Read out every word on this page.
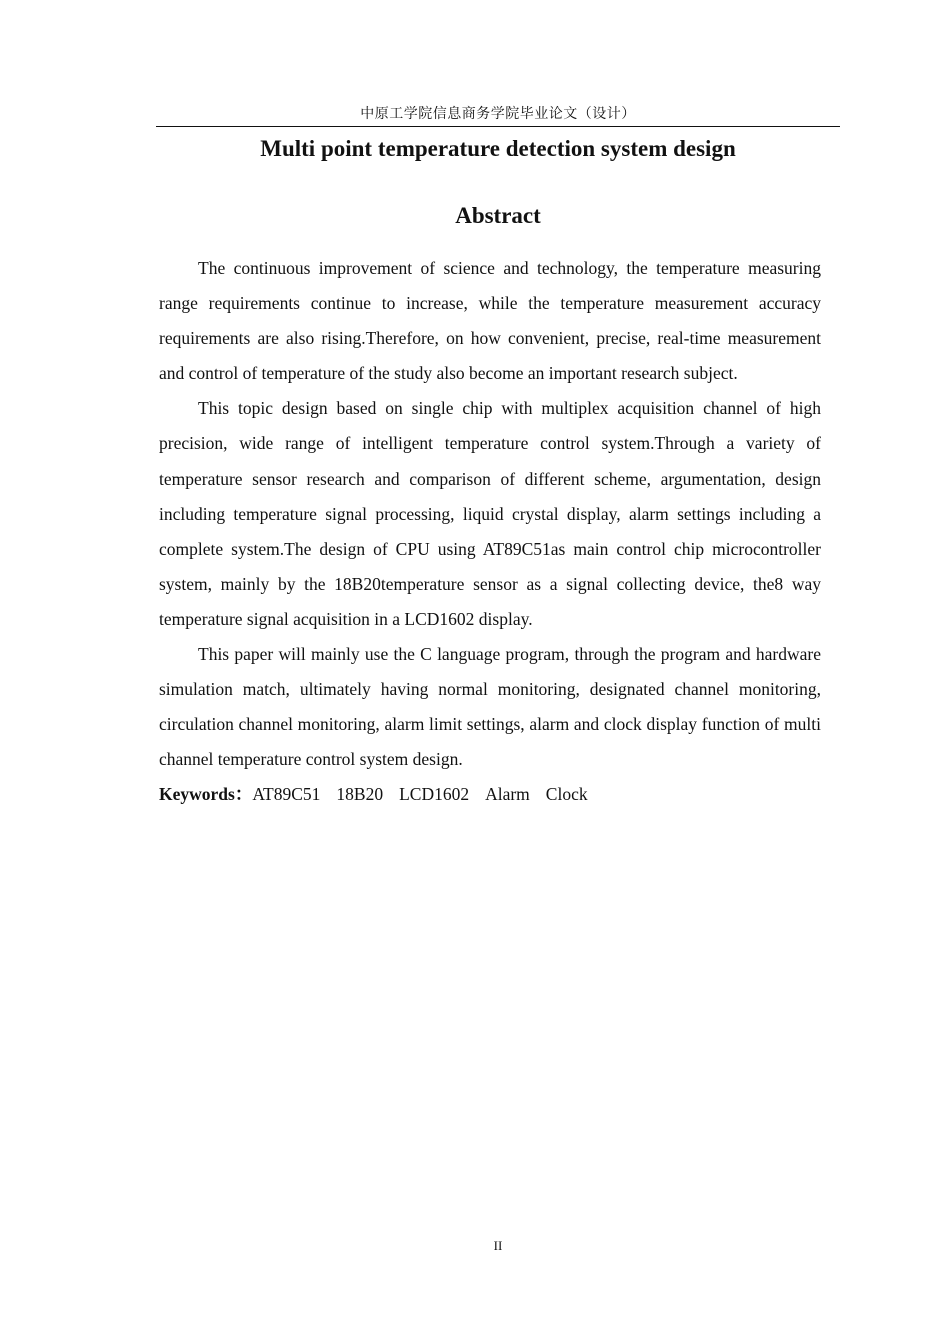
中原工学院信息商务学院毕业论文（设计）
Multi point temperature detection system design
Abstract

The continuous improvement of science and technology, the temperature measuring range requirements continue to increase, while the temperature measurement accuracy requirements are also rising.Therefore, on how convenient, precise, real-time measurement and control of temperature of the study also become an important research subject.

This topic design based on single chip with multiplex acquisition channel of high precision, wide range of intelligent temperature control system.Through a variety of temperature sensor research and comparison of different scheme, argumentation, design including temperature signal processing, liquid crystal display, alarm settings including a complete system.The design of CPU using AT89C51as main control chip microcontroller system, mainly by the 18B20temperature sensor as a signal collecting device, the8 way temperature signal acquisition in a LCD1602 display.

This paper will mainly use the C language program, through the program and hardware simulation match, ultimately having normal monitoring, designated channel monitoring, circulation channel monitoring, alarm limit settings, alarm and clock display function of multi channel temperature control system design.

Keywords：AT89C51 18B20 LCD1602 Alarm Clock

II
